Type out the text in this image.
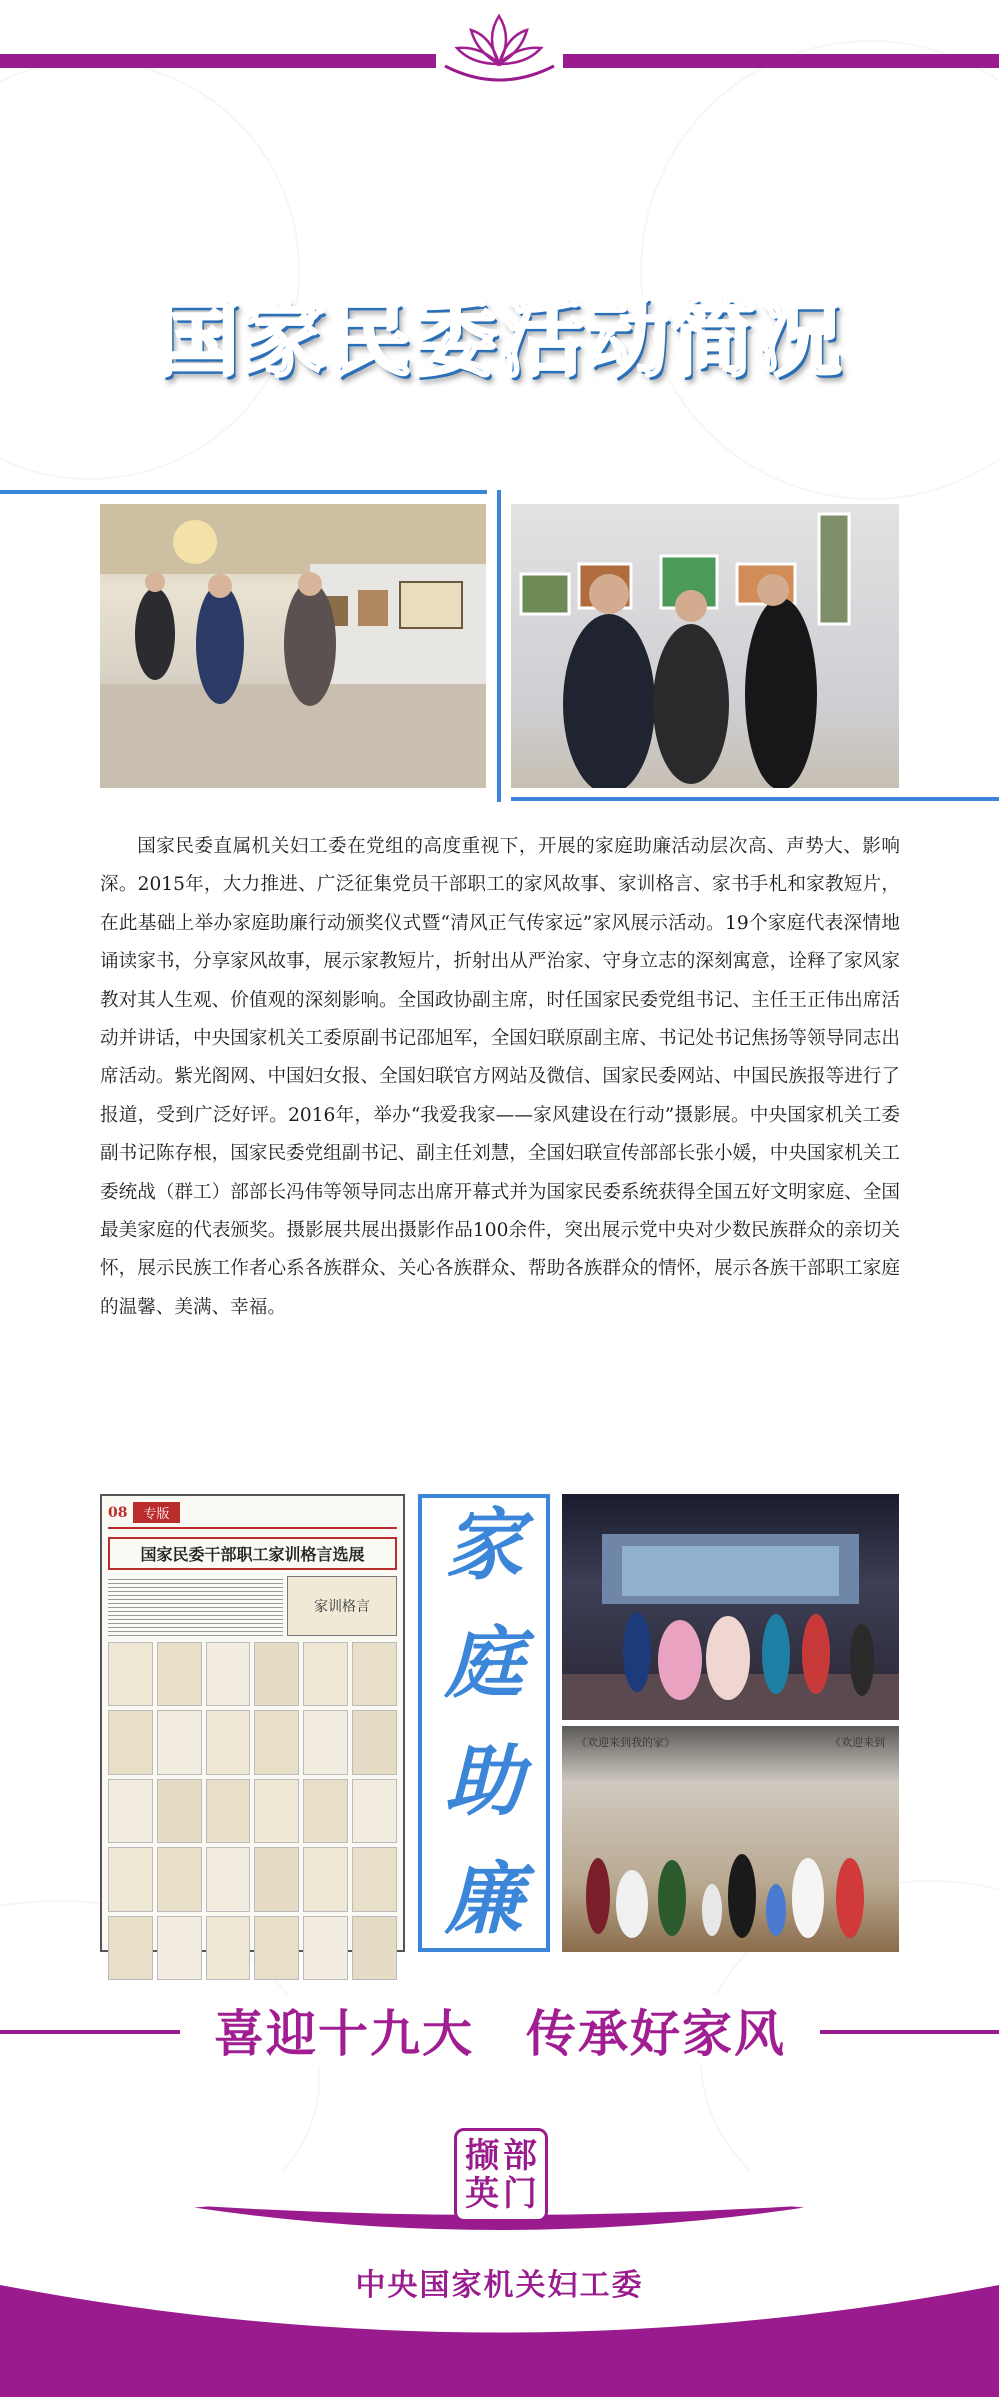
国家民委活动简况

国家民委直属机关妇工委在党组的高度重视下，开展的家庭助廉活动层次高、声势大、影响深。2015年，大力推进、广泛征集党员干部职工的家风故事、家训格言、家书手札和家教短片，在此基础上举办家庭助廉行动颁奖仪式暨“清风正气传家远”家风展示活动。19个家庭代表深情地诵读家书，分享家风故事，展示家教短片，折射出从严治家、守身立志的深刻寓意，诠释了家风家教对其人生观、价值观的深刻影响。全国政协副主席，时任国家民委党组书记、主任王正伟出席活动并讲话，中央国家机关工委原副书记邵旭军，全国妇联原副主席、书记处书记焦扬等领导同志出席活动。紫光阁网、中国妇女报、全国妇联官方网站及微信、国家民委网站、中国民族报等进行了报道，受到广泛好评。2016年，举办“我爱我家——家风建设在行动”摄影展。中央国家机关工委副书记陈存根，国家民委党组副书记、副主任刘慧，全国妇联宣传部部长张小媛，中央国家机关工委统战（群工）部部长冯伟等领导同志出席开幕式并为国家民委系统获得全国五好文明家庭、全国最美家庭的代表颁奖。摄影展共展出摄影作品100余件，突出展示党中央对少数民族群众的亲切关怀，展示民族工作者心系各族群众、关心各族群众、帮助各族群众的情怀，展示各族干部职工家庭的温馨、美满、幸福。

08	专版
国家民委干部职工家训格言选展
家训格言
家
庭
助
廉
《欢迎来到我的家》	《欢迎来到
喜迎十九大 传承好家风
撷 部
英 门
中央国家机关妇工委
